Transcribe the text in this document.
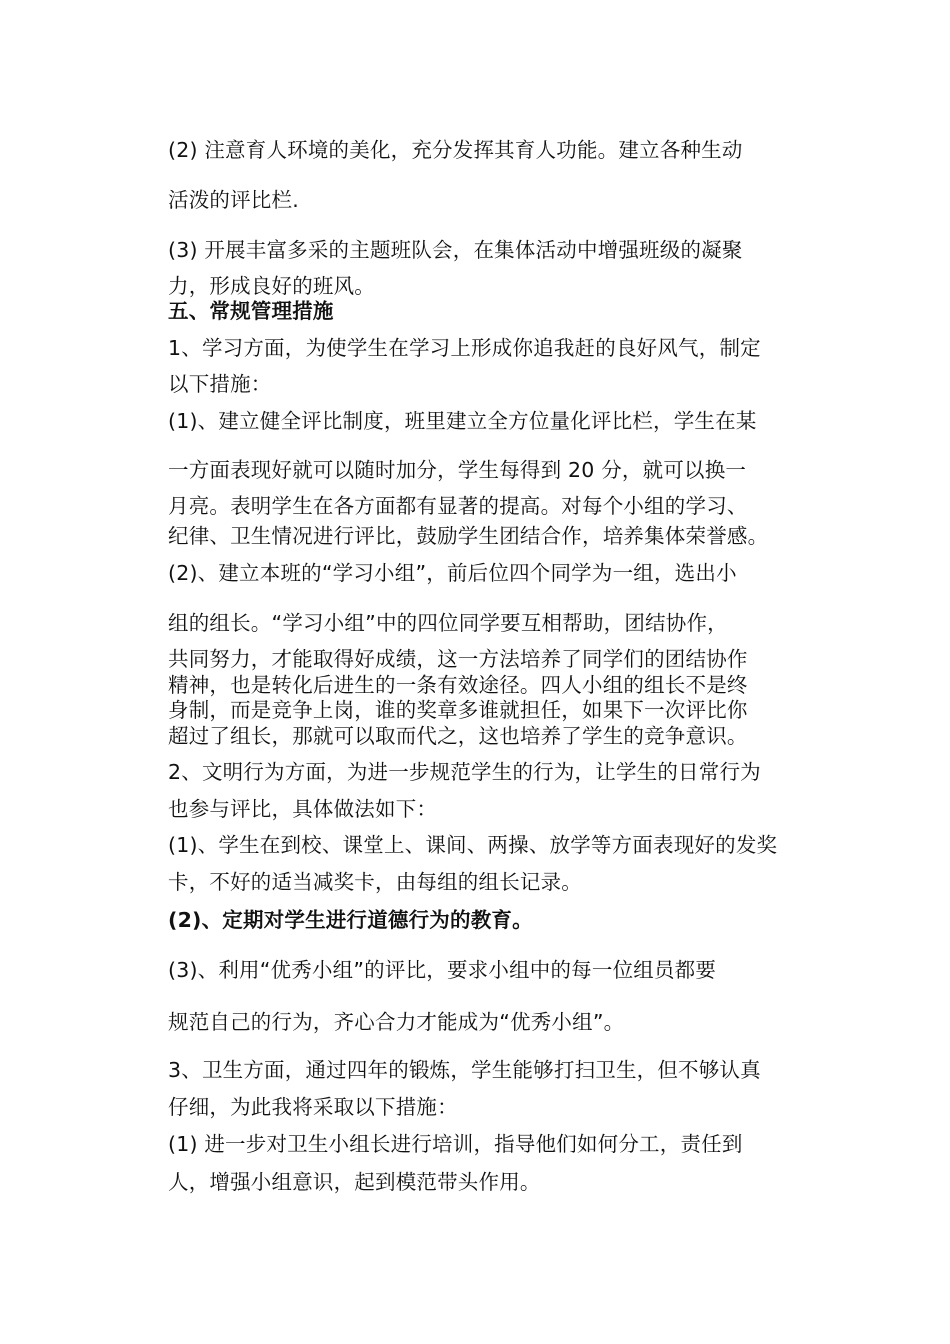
(2) 注意育人环境的美化，充分发挥其育人功能。建立各种生动
活泼的评比栏.
(3) 开展丰富多采的主题班队会，在集体活动中增强班级的凝聚
力，形成良好的班风。
五、常规管理措施
1、学习方面，为使学生在学习上形成你追我赶的良好风气，制定
以下措施：
(1)、建立健全评比制度，班里建立全方位量化评比栏，学生在某
一方面表现好就可以随时加分，学生每得到 20 分，就可以换一
月亮。表明学生在各方面都有显著的提高。对每个小组的学习、
纪律、卫生情况进行评比，鼓励学生团结合作，培养集体荣誉感。
(2)、建立本班的“学习小组”，前后位四个同学为一组，选出小
组的组长。“学习小组”中的四位同学要互相帮助，团结协作，
共同努力，才能取得好成绩，这一方法培养了同学们的团结协作
精神，也是转化后进生的一条有效途径。四人小组的组长不是终
身制，而是竞争上岗，谁的奖章多谁就担任，如果下一次评比你
超过了组长，那就可以取而代之，这也培养了学生的竞争意识。
2、文明行为方面，为进一步规范学生的行为，让学生的日常行为
也参与评比，具体做法如下：
(1)、学生在到校、课堂上、课间、两操、放学等方面表现好的发奖
卡，不好的适当减奖卡，由每组的组长记录。
(2)、定期对学生进行道德行为的教育。
(3)、利用“优秀小组”的评比，要求小组中的每一位组员都要
规范自己的行为，齐心合力才能成为“优秀小组”。
3、卫生方面，通过四年的锻炼，学生能够打扫卫生，但不够认真
仔细，为此我将采取以下措施：
(1) 进一步对卫生小组长进行培训，指导他们如何分工，责任到
人，增强小组意识，起到模范带头作用。
